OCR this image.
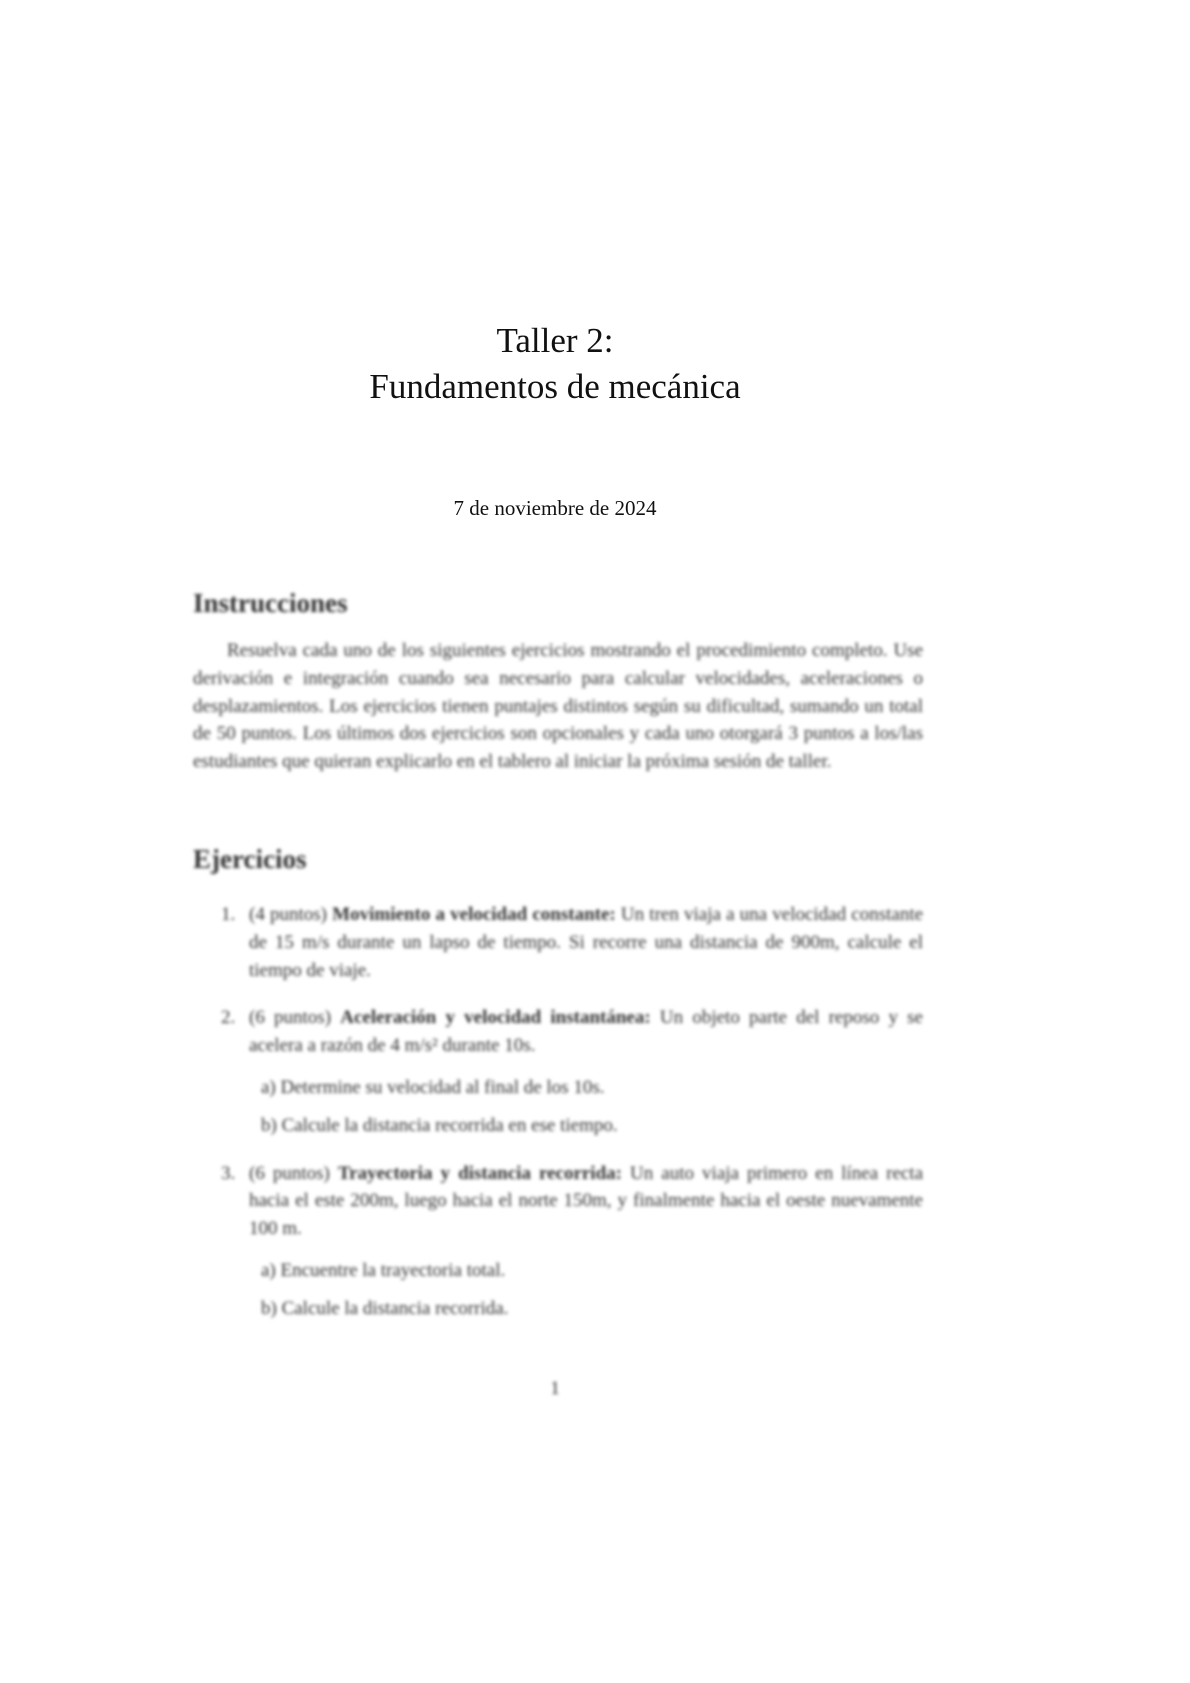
Taller 2:
Fundamentos de mecánica
7 de noviembre de 2024
Instrucciones

Resuelva cada uno de los siguientes ejercicios mostrando el procedimiento completo. Use derivación e integración cuando sea necesario para calcular velocidades, aceleraciones o desplazamientos. Los ejercicios tienen puntajes distintos según su dificultad, sumando un total de 50 puntos. Los últimos dos ejercicios son opcionales y cada uno otorgará 3 puntos a los/las estudiantes que quieran explicarlo en el tablero al iniciar la próxima sesión de taller.

Ejercicios
1. (4 puntos) Movimiento a velocidad constante: Un tren viaja a una velocidad constante de 15 m/s durante un lapso de tiempo. Si recorre una distancia de 900m, calcule el tiempo de viaje.
2. (6 puntos) Aceleración y velocidad instantánea: Un objeto parte del reposo y se acelera a razón de 4 m/s² durante 10s.
a) Determine su velocidad al final de los 10s.
b) Calcule la distancia recorrida en ese tiempo.
3. (6 puntos) Trayectoria y distancia recorrida: Un auto viaja primero en línea recta hacia el este 200m, luego hacia el norte 150m, y finalmente hacia el oeste nuevamente 100 m.
a) Encuentre la trayectoria total.
b) Calcule la distancia recorrida.
1
